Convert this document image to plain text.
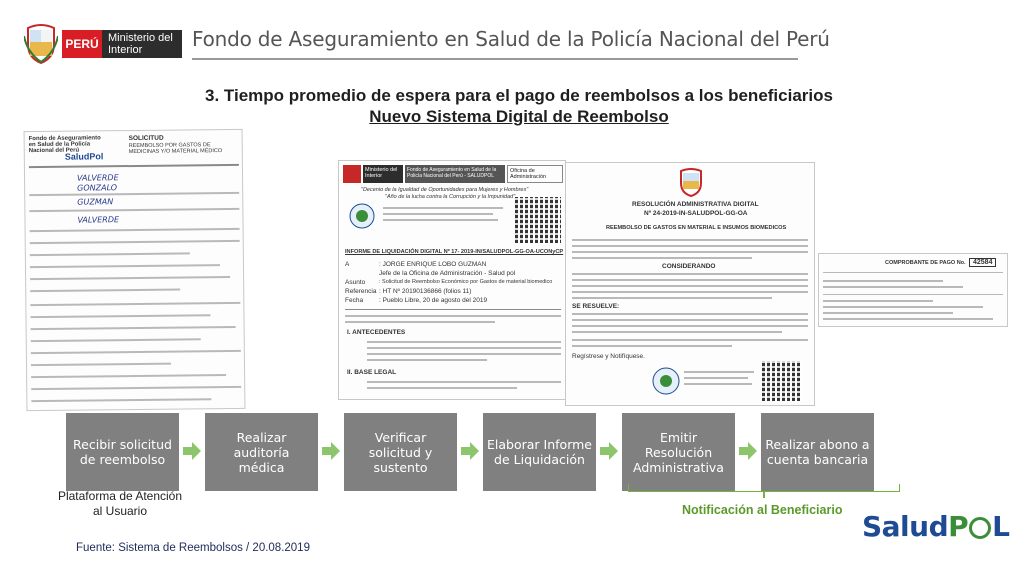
PERÚ Ministerio del Interior	Fondo de Aseguramiento en Salud de la Policía Nacional del Perú
3. Tiempo promedio de espera para el pago de reembolsos a los beneficiarios
Nuevo Sistema Digital de Reembolso
Fondo de Aseguramiento en Salud de la Policía Nacional del Perú
SaludPol
SOLICITUD
REEMBOLSO POR GASTOS DE MEDICINAS Y/O MATERIAL MÉDICO
VALVERDE
GONZALO
GUZMAN
VALVERDE
Ministerio del Interior
Fondo de Aseguramiento en Salud de la Policía Nacional del Perú - SALUDPOL
Oficina de Administración
"Decenio de la Igualdad de Oportunidades para Mujeres y Hombres"
"Año de la lucha contra la Corrupción y la Impunidad"
INFORME DE LIQUIDACIÓN DIGITAL Nº 17- 2019-IN/SALUDPOL-GG-OA-UCONyCP
A	: JORGE ENRIQUE LOBO GUZMAN
Jefe de la Oficina de Administración - Salud pol
Asunto	: Solicitud de Reembolso Económico por Gastos de material biomedico
Referencia : HT Nº 20190136866 (folios 11)
Fecha : Pueblo Libre, 20 de agosto del 2019
I. ANTECEDENTES
II. BASE LEGAL
RESOLUCIÓN ADMINISTRATIVA DIGITAL
Nº 24-2019-IN-SALUDPOL-GG-OA
REEMBOLSO DE GASTOS EN MATERIAL E INSUMOS BIOMEDICOS
CONSIDERANDO
SE RESUELVE:
Regístrese y Notifíquese.
COMPROBANTE DE PAGO No.	42584
Recibir solicitud de reembolso
Realizar auditoría médica
Verificar solicitud y sustento
Elaborar Informe de Liquidación
Emitir Resolución Administrativa
Realizar abono a cuenta bancaria
Plataforma de Atención al Usuario	Notificación al Beneficiario
Fuente: Sistema de Reembolsos / 20.08.2019
SaludP L
